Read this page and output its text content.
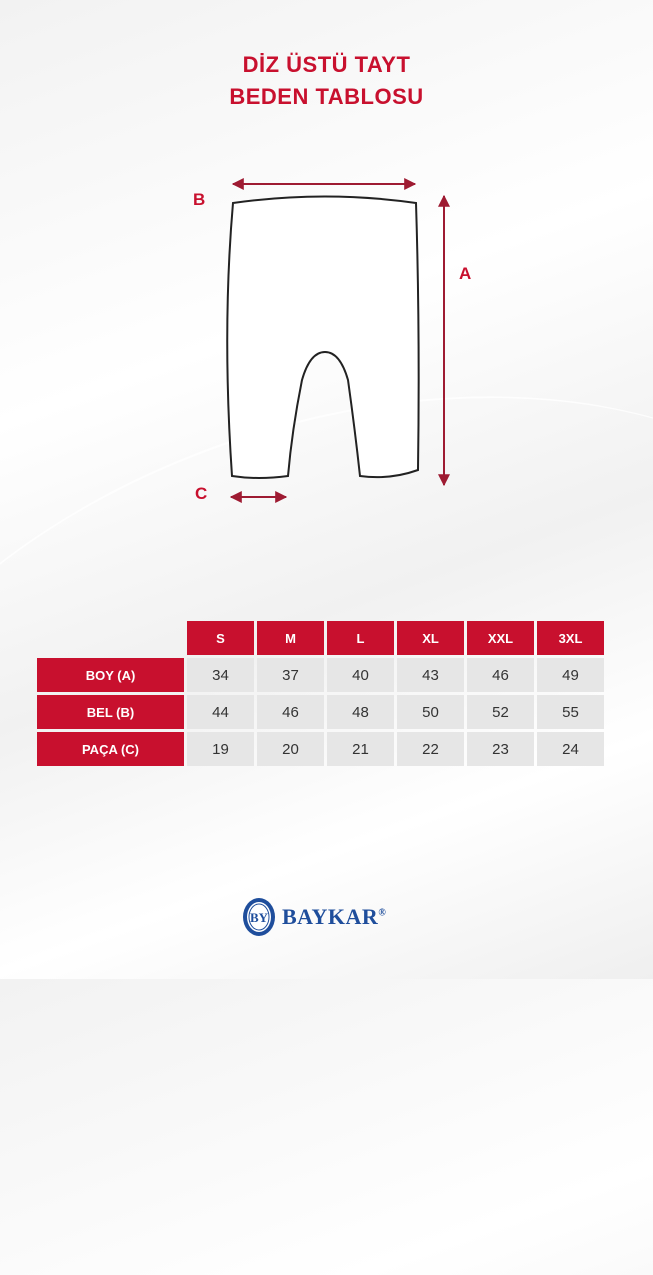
DİZ ÜSTÜ TAYT
BEDEN TABLOSU
B
A
C
	S	M	L	XL	XXL	3XL
BOY (A)	34	37	40	43	46	49
BEL (B)	44	46	48	50	52	55
PAÇA (C)	19	20	21	22	23	24
BY BAYKAR®
